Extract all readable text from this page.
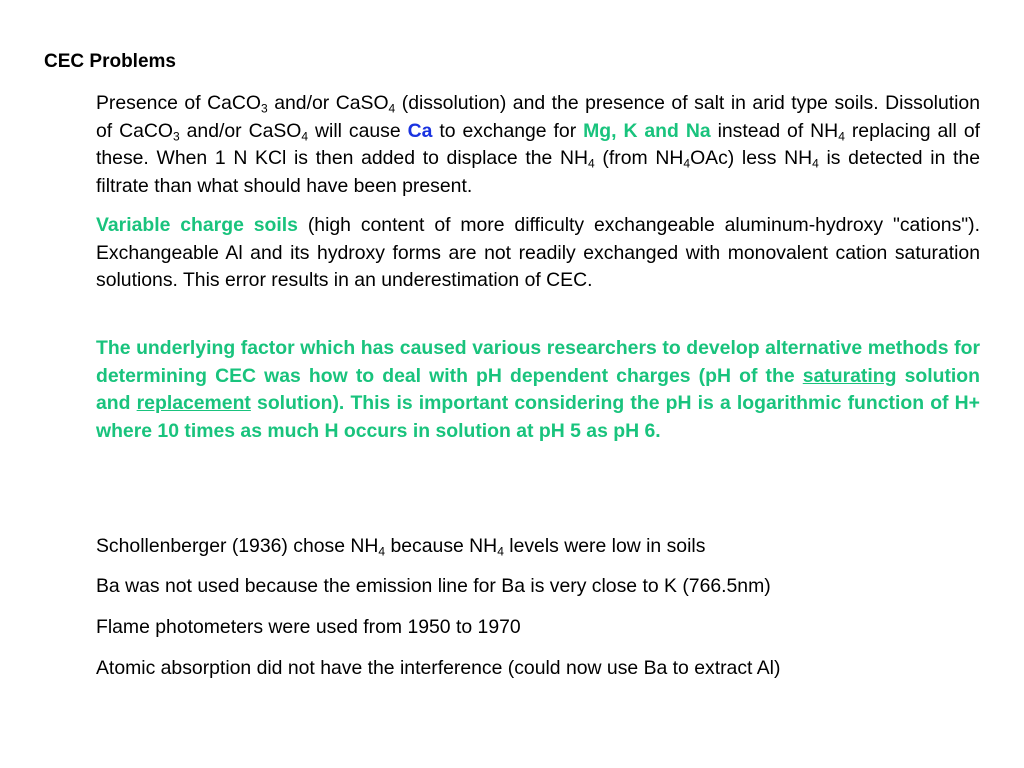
CEC Problems

Presence of CaCO$_3$ and/or CaSO$_4$ (dissolution) and the presence of salt in arid type soils. Dissolution of CaCO$_3$ and/or CaSO$_4$ will cause Ca to exchange for Mg, K and Na instead of $NH_4$ replacing all of these. When 1 N KCl is then added to displace the $NH_4$ (from $NH_4OAc$) less $NH_4$ is detected in the filtrate than what should have been present.

Variable charge soils (high content of more difficulty exchangeable aluminum-hydroxy "cations"). Exchangeable Al and its hydroxy forms are not readily exchanged with monovalent cation saturation solutions. This error results in an underestimation of CEC.

The underlying factor which has caused various researchers to develop alternative methods for determining CEC was how to deal with pH dependent charges (pH of the saturating solution and replacement solution). This is important considering the pH is a logarithmic function of H+ where 10 times as much H occurs in solution at pH 5 as pH 6.

Schollenberger (1936) chose $NH_4$ because $NH_4$ levels were low in soils
Ba was not used because the emission line for Ba is very close to K (766.5nm)
Flame photometers were used from 1950 to 1970
Atomic absorption did not have the interference (could now use Ba to extract Al)
